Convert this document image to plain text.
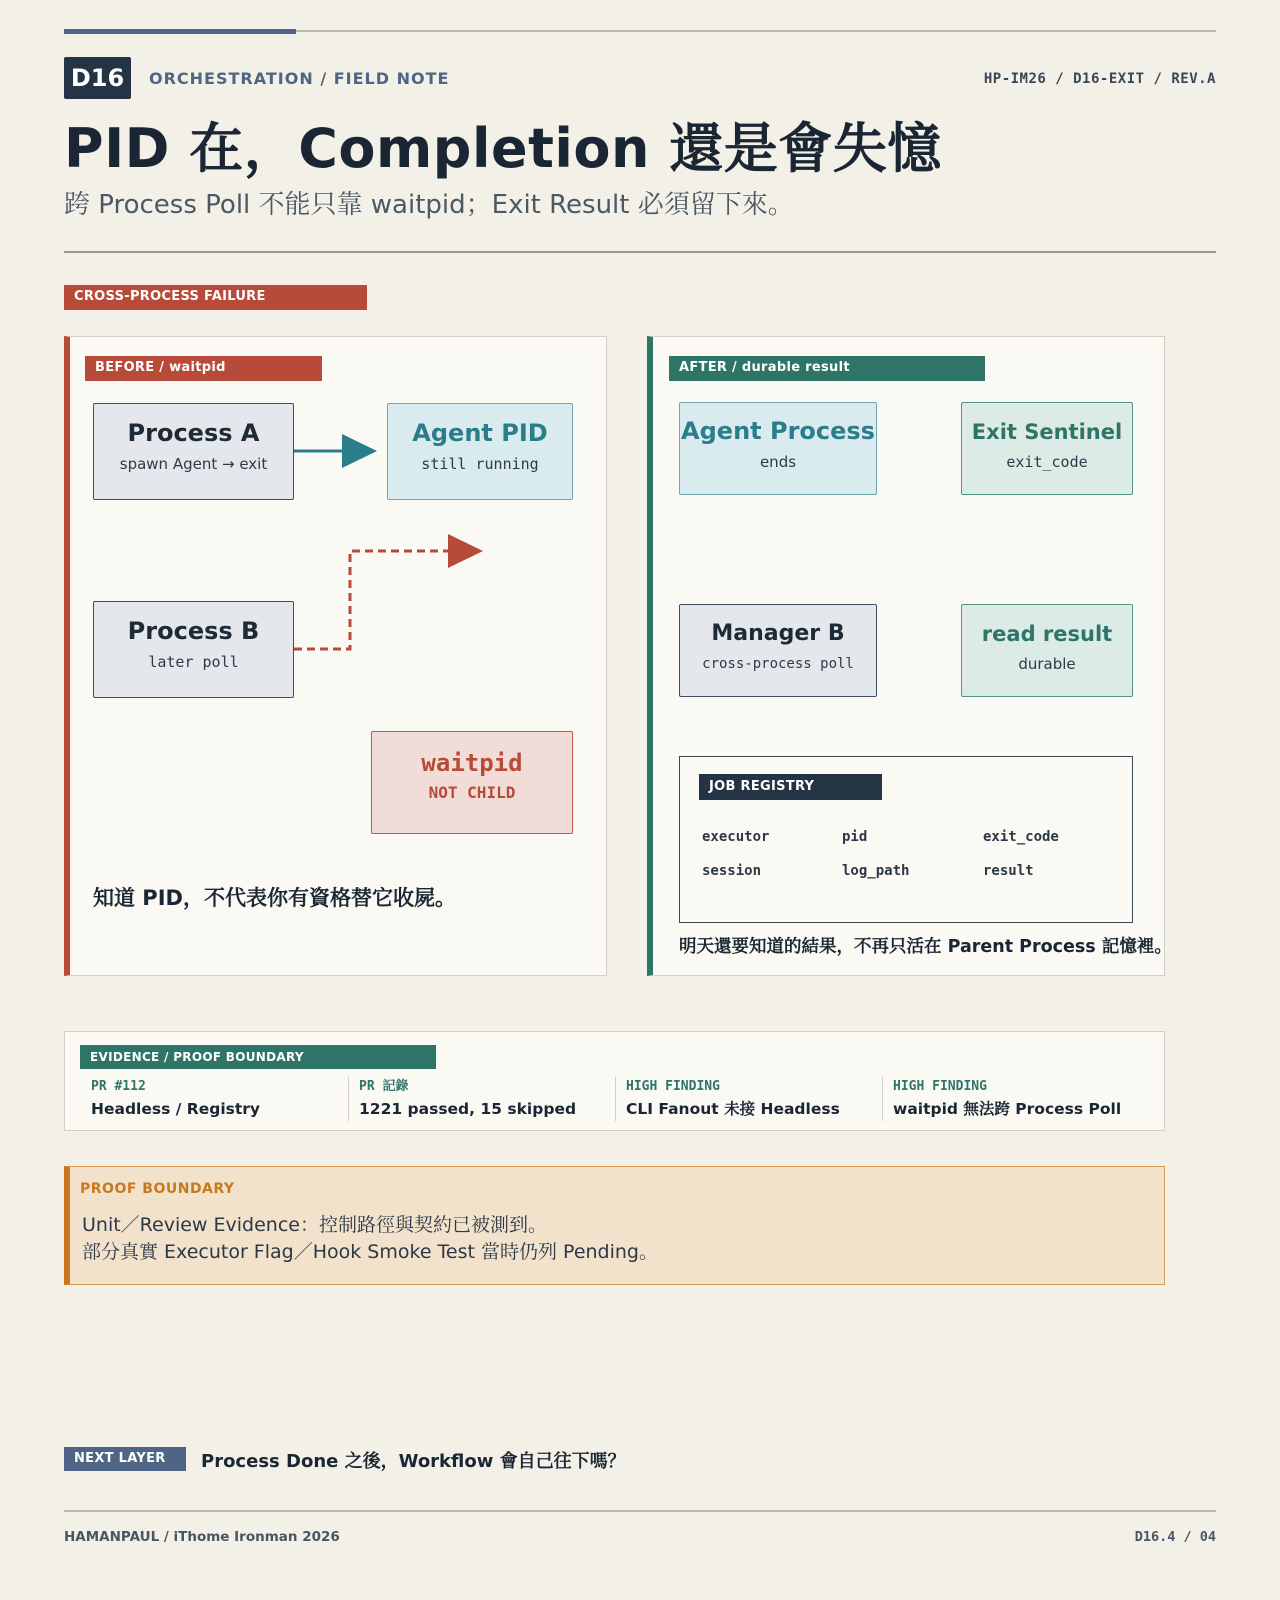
D16	ORCHESTRATION / FIELD NOTE	HP-IM26 / D16-EXIT / REV.A
PID 在，Completion 還是會失憶
跨 Process Poll 不能只靠 waitpid；Exit Result 必須留下來。
CROSS-PROCESS FAILURE
BEFORE / waitpid
Process A
spawn Agent → exit
Agent PID
still running
Process B
later poll
waitpid
NOT CHILD
知道 PID，不代表你有資格替它收屍。
AFTER / durable result
Agent Process
ends
Exit Sentinel
exit_code
Manager B
cross-process poll
read result
durable
JOB REGISTRY
executor	pid	exit_code
session	log_path	result
明天還要知道的結果，不再只活在 Parent Process 記憶裡。
EVIDENCE / PROOF BOUNDARY
PR #112
Headless / Registry
PR 記錄
1221 passed, 15 skipped
HIGH FINDING
CLI Fanout 未接 Headless
HIGH FINDING
waitpid 無法跨 Process Poll
PROOF BOUNDARY
Unit／Review Evidence：控制路徑與契約已被測到。
部分真實 Executor Flag／Hook Smoke Test 當時仍列 Pending。
NEXT LAYER	Process Done 之後，Workflow 會自己往下嗎？
HAMANPAUL / iThome Ironman 2026	D16.4 / 04
